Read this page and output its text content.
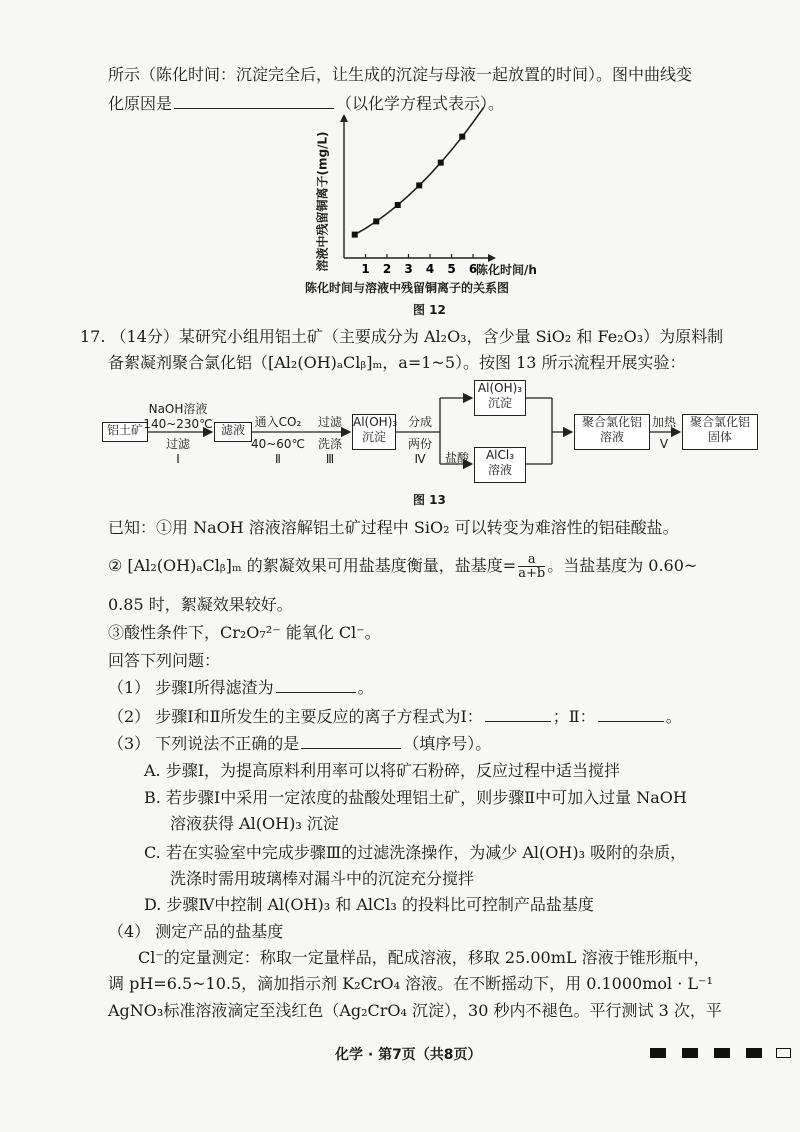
所示（陈化时间：沉淀完全后，让生成的沉淀与母液一起放置的时间）。图中曲线变
化原因是	（以化学方程式表示）。
1 2 3 4 5 6
溶液中残留铜离子(mg/L)	陈化时间/h
陈化时间与溶液中残留铜离子的关系图
图 12
17. （14分）某研究小组用铝土矿（主要成分为 Al₂O₃，含少量 SiO₂ 和 Fe₂O₃）为原料制
备絮凝剂聚合氯化铝（[Al₂(OH)ₐClᵦ]ₘ，a=1~5）。按图 13 所示流程开展实验：
铝土矿
NaOH溶液
140~230℃
过滤
Ⅰ
滤液
通入CO₂
40~60℃
Ⅱ
过滤
洗涤
Ⅲ
Al(OH)₃
沉淀
分成
两份
Ⅳ
Al(OH)₃
沉淀
盐酸	AlCl₃
溶液
聚合氯化铝
溶液
加热
Ⅴ
聚合氯化铝
固体
图 13
已知：①用 NaOH 溶液溶解铝土矿过程中 SiO₂ 可以转变为难溶性的铝硅酸盐。
② [Al₂(OH)ₐClᵦ]ₘ 的絮凝效果可用盐基度衡量，盐基度= $\frac{a}{a+b}$ 。当盐基度为 0.60~
0.85 时，絮凝效果较好。
③酸性条件下，Cr₂O₇²⁻ 能氧化 Cl⁻。
回答下列问题：
（1） 步骤Ⅰ所得滤渣为	。
（2） 步骤Ⅰ和Ⅱ所发生的主要反应的离子方程式为Ⅰ：	；Ⅱ：	。
（3） 下列说法不正确的是	（填序号）。
A. 步骤Ⅰ，为提高原料利用率可以将矿石粉碎，反应过程中适当搅拌
B. 若步骤Ⅰ中采用一定浓度的盐酸处理铝土矿，则步骤Ⅱ中可加入过量 NaOH
溶液获得 Al(OH)₃ 沉淀
C. 若在实验室中完成步骤Ⅲ的过滤洗涤操作，为减少 Al(OH)₃ 吸附的杂质，
洗涤时需用玻璃棒对漏斗中的沉淀充分搅拌
D. 步骤Ⅳ中控制 Al(OH)₃ 和 AlCl₃ 的投料比可控制产品盐基度
（4） 测定产品的盐基度
Cl⁻的定量测定：称取一定量样品，配成溶液，移取 25.00mL 溶液于锥形瓶中，
调 pH=6.5~10.5，滴加指示剂 K₂CrO₄ 溶液。在不断摇动下，用 0.1000mol · L⁻¹
AgNO₃标准溶液滴定至浅红色（Ag₂CrO₄ 沉淀），30 秒内不褪色。平行测试 3 次，平
化学 · 第7页（共8页）
